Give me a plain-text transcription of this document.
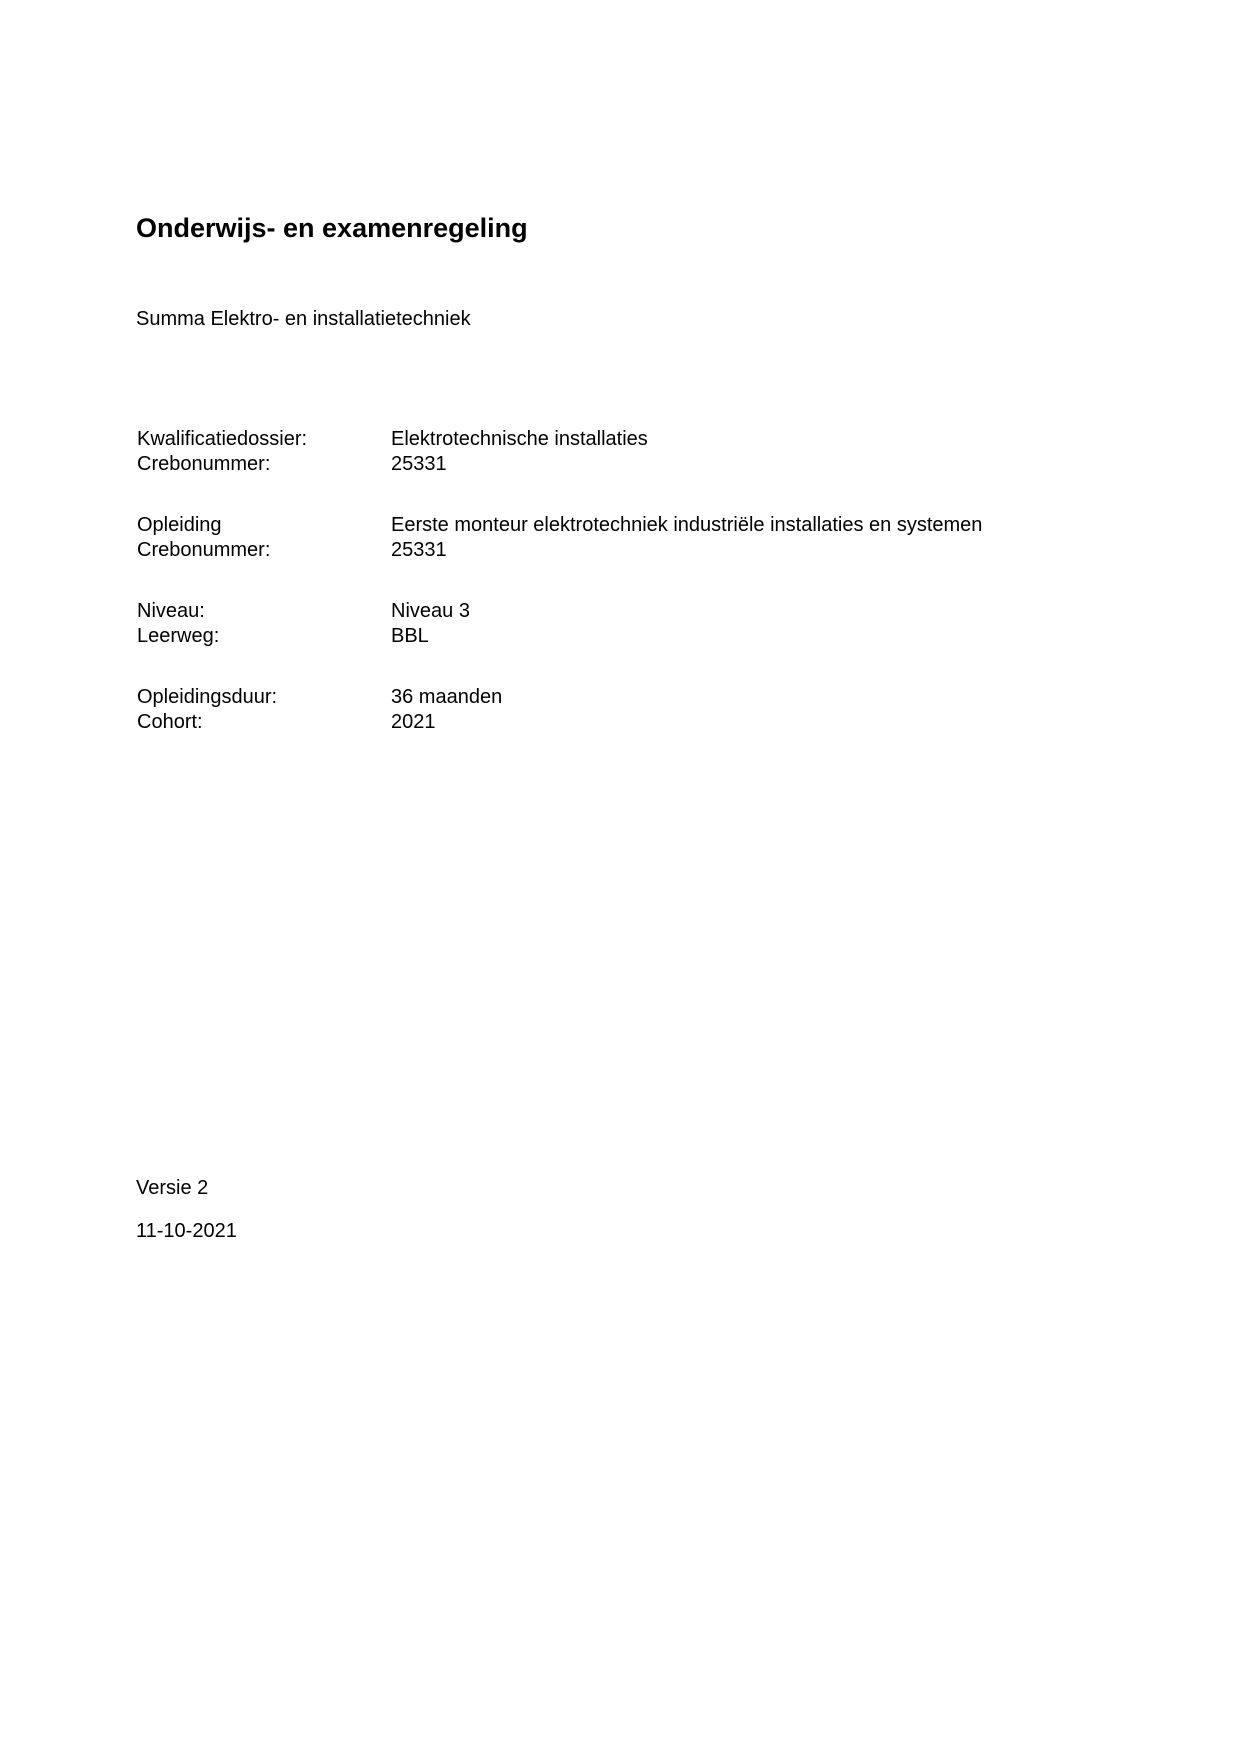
Onderwijs- en examenregeling

Summa Elektro- en installatietechniek

Kwalificatiedossier:	Elektrotechnische installaties
Crebonummer:	25331
Opleiding	Eerste monteur elektrotechniek industriële installaties en systemen
Crebonummer:	25331
Niveau:	Niveau 3
Leerweg:	BBL
Opleidingsduur:	36 maanden
Cohort:	2021

Versie 2

11-10-2021
